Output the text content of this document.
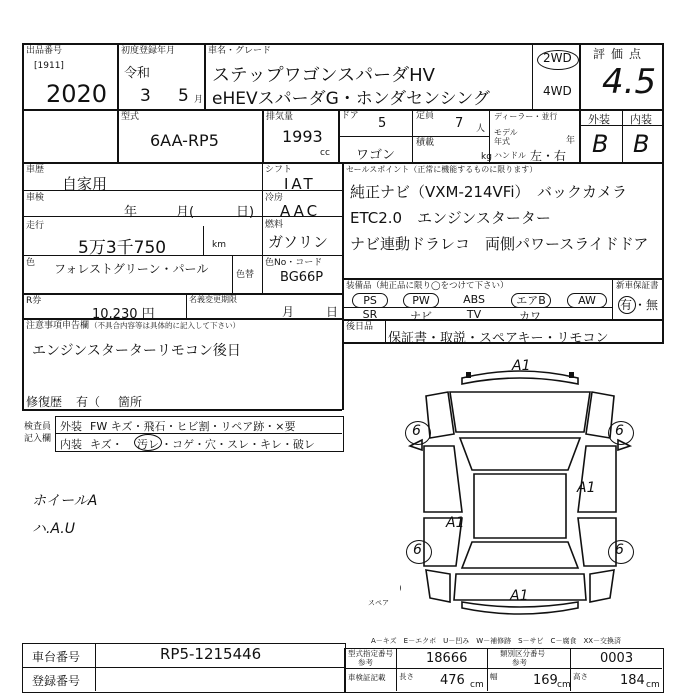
出品番号
[1911]
2020
初度登録年月
令和
3 5 月
車名・グレード
ステップワゴンスパーダHV
eHEVスパーダG・ホンダセンシング
2WD
4WD
評価点
4.5
型式
6AA-RP5
排気量
1993
cc
ドア 5	定員 7 人
積載
ワゴン	kg
ディーラー・並行
モデル年式	年
ハンドル 左・右
外装 内装
B B
車歴
自家用
車検
年	月(	日)
走行
5万3千750	km
シフト
IAT
冷房
AAC
燃料
ガソリン
色 フォレストグリーン・パール	色替
色No・コード
BG66P
R券
10,230 円
名義変更期限
月	日
セールスポイント（正常に機能するものに限ります）
純正ナビ（VXM-214VFi）　バックカメラ
ETC2.0　エンジンスターター
ナビ連動ドラレコ　両側パワースライドドア
装備品（純正品に限り◯をつけて下さい）	新車保証書
PS	PW	ABS	エアB	AW
SR	ナビ	TV	カワ
有 ・無
後日品
保証書・取説・スペアキー・リモコン
注意事項申告欄 （不具合内容等は具体的に記入して下さい）
エンジンスターターリモコン後日
修復歴 有（ 箇所
検査員
記入欄
外装 FW キズ・飛石・ヒビ割・リペア跡・×要
内装 キズ・ 汚レ ・コゲ・穴・スレ・キレ・破レ
ホイールA
ハ.A.U
A1
A1
A1
A1
6	6
6	6
スペア
A－キズ　E－エクボ　U－凹み　W－補修跡　S－サビ　C－腐食　XX－交換済
車台番号	RP5-1215446
登録番号
型式指定番号
参考	18666	類別区分番号
参考	0003
車検証記載 長さ 476 cm
幅	169 cm
高さ 184 cm
